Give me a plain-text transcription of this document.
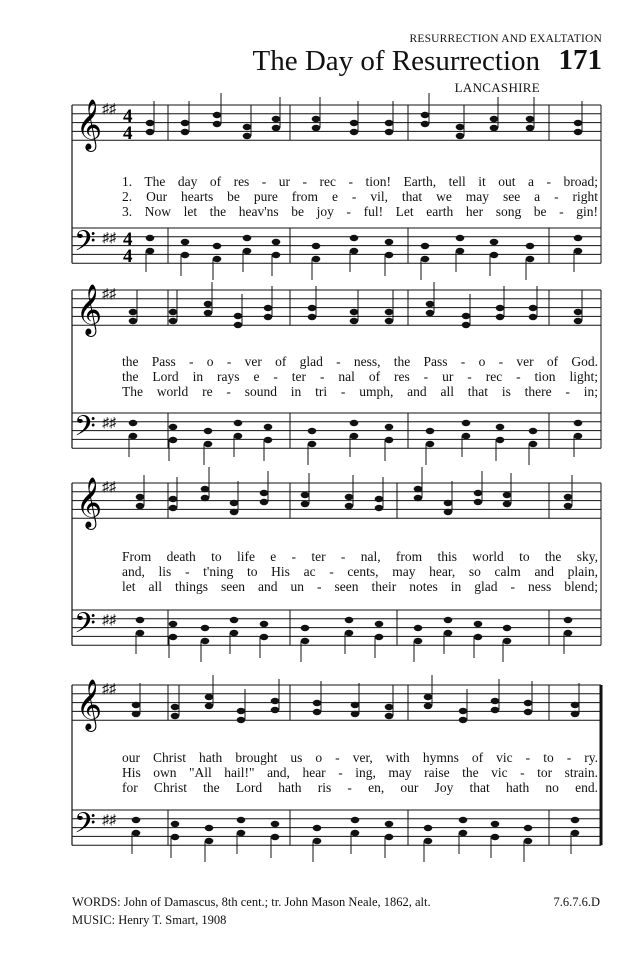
RESURRECTION AND EXALTATION
The Day of Resurrection 171
LANCASHIRE
𝄞 ♯♯
𝄢 ♯♯
𝄞 ♯♯
𝄢 ♯♯
𝄞 ♯♯
𝄢 ♯♯
𝄞 ♯♯
𝄢 ♯♯
4
4
4
4
1. The day of res - ur - rec - tion! Earth, tell it out a - broad;
2. Our hearts be pure from e - vil, that we may see a - right
3. Now let the heav'ns be joy - ful! Let earth her song be - gin!
the Pass - o - ver of glad - ness, the Pass - o - ver of God.
the Lord in rays e - ter - nal of res - ur - rec - tion light;
The world re - sound in tri - umph, and all that is there - in;
From death to life e - ter - nal, from this world to the sky,
and, lis - t'ning to His ac - cents, may hear, so calm and plain,
let all things seen and un - seen their notes in glad - ness blend;
our Christ hath brought us o - ver, with hymns of vic - to - ry.
His own "All hail!" and, hear - ing, may raise the vic - tor strain.
for Christ the Lord hath ris - en, our Joy that hath no end.
WORDS: John of Damascus, 8th cent.; tr. John Mason Neale, 1862, alt.
MUSIC: Henry T. Smart, 1908
7.6.7.6.D
